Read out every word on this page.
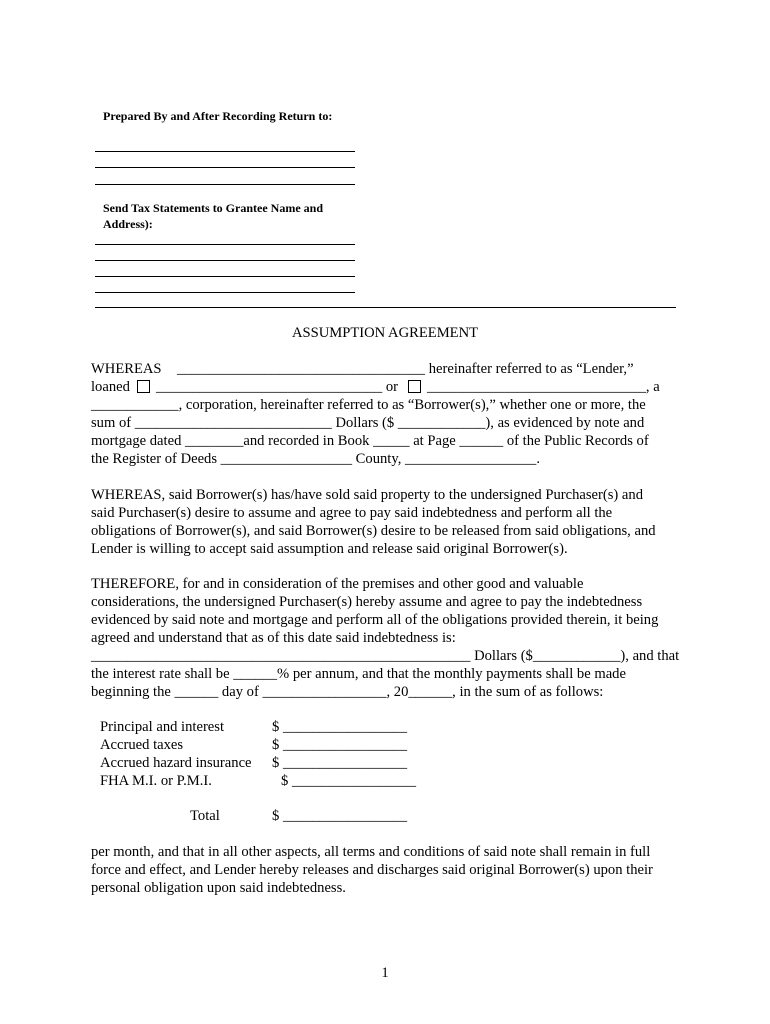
Prepared By and After Recording Return to:
Send Tax Statements to Grantee Name and
Address):
ASSUMPTION AGREEMENT
WHEREAS __________________________________ hereinafter referred to as “Lender,”
loaned _______________________________ or ______________________________, a
____________, corporation, hereinafter referred to as “Borrower(s),” whether one or more, the
sum of ___________________________ Dollars ($ ____________), as evidenced by note and
mortgage dated ________and recorded in Book _____ at Page ______ of the Public Records of
the Register of Deeds __________________ County, __________________.
WHEREAS, said Borrower(s) has/have sold said property to the undersigned Purchaser(s) and
said Purchaser(s) desire to assume and agree to pay said indebtedness and perform all the
obligations of Borrower(s), and said Borrower(s) desire to be released from said obligations, and
Lender is willing to accept said assumption and release said original Borrower(s).
THEREFORE, for and in consideration of the premises and other good and valuable
considerations, the undersigned Purchaser(s) hereby assume and agree to pay the indebtedness
evidenced by said note and mortgage and perform all of the obligations provided therein, it being
agreed and understand that as of this date said indebtedness is:
____________________________________________________ Dollars ($____________), and that
the interest rate shall be ______% per annum, and that the monthly payments shall be made
beginning the ______ day of _________________, 20______, in the sum of as follows:
Principal and interest	$ _________________
Accrued taxes	$ _________________
Accrued hazard insurance $ _________________
FHA M.I. or P.M.I.	$ _________________
Total	$ _________________
per month, and that in all other aspects, all terms and conditions of said note shall remain in full
force and effect, and Lender hereby releases and discharges said original Borrower(s) upon their
personal obligation upon said indebtedness.
1
